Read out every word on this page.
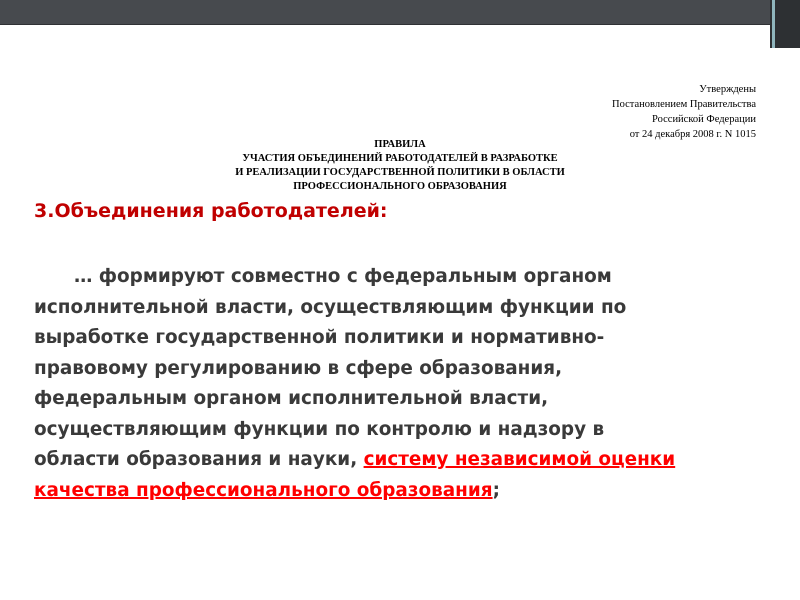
Утверждены
Постановлением Правительства
Российской Федерации
от 24 декабря 2008 г. N 1015
ПРАВИЛА
УЧАСТИЯ ОБЪЕДИНЕНИЙ РАБОТОДАТЕЛЕЙ В РАЗРАБОТКЕ
И РЕАЛИЗАЦИИ ГОСУДАРСТВЕННОЙ ПОЛИТИКИ В ОБЛАСТИ
ПРОФЕССИОНАЛЬНОГО ОБРАЗОВАНИЯ
3.Объединения работодателей:
… формируют совместно с федеральным органом
исполнительной власти, осуществляющим функции по
выработке государственной политики и нормативно-
правовому регулированию в сфере образования,
федеральным органом исполнительной власти,
осуществляющим функции по контролю и надзору в
области образования и науки, систему независимой оценки
качества профессионального образования;
